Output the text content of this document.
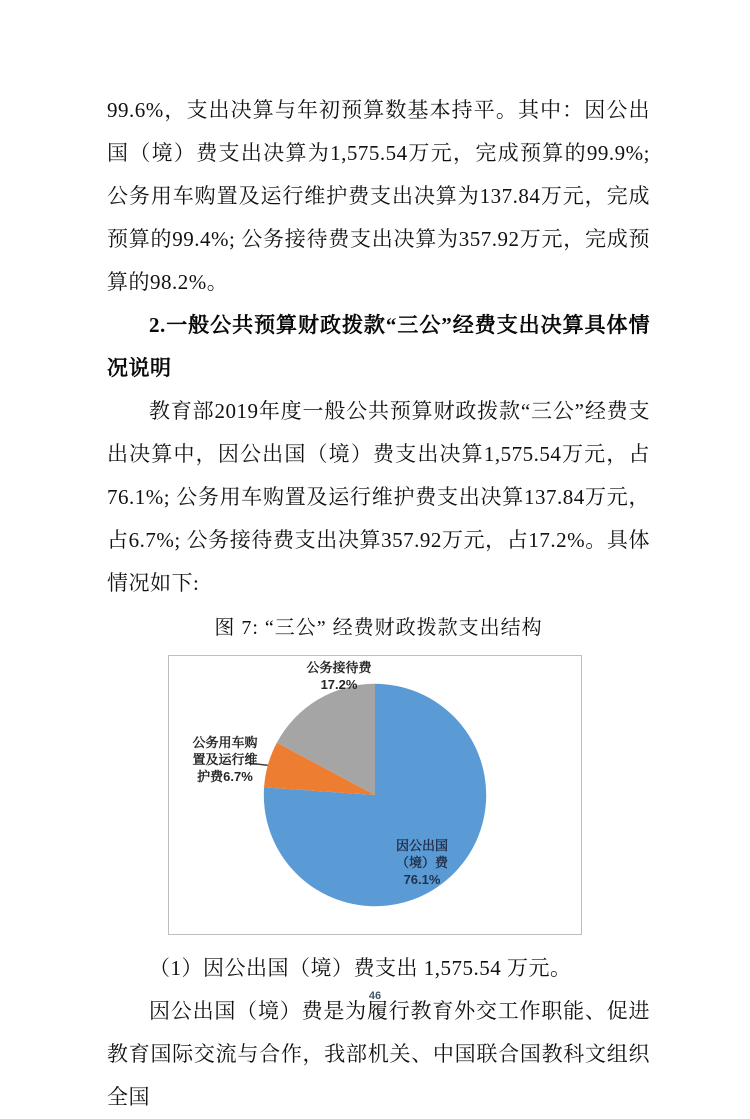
99.6%，支出决算与年初预算数基本持平。其中：因公出国（境）费支出决算为1,575.54万元，完成预算的99.9%; 公务用车购置及运行维护费支出决算为137.84万元，完成预算的99.4%; 公务接待费支出决算为357.92万元，完成预算的98.2%。

2.一般公共预算财政拨款“三公”经费支出决算具体情况说明

教育部2019年度一般公共预算财政拨款“三公”经费支出决算中，因公出国（境）费支出决算1,575.54万元，占76.1%; 公务用车购置及运行维护费支出决算137.84万元，占6.7%; 公务接待费支出决算357.92万元，占17.2%。具体情况如下:

图 7: “三公” 经费财政拨款支出结构
公务接待费
17.2%
公务用车购
置及运行维
护费6.7%
因公出国
（境）费
76.1%

（1）因公出国（境）费支出 1,575.54 万元。

因公出国（境）费是为履行教育外交工作职能、促进教育国际交流与合作，我部机关、中国联合国教科文组织全国

46
